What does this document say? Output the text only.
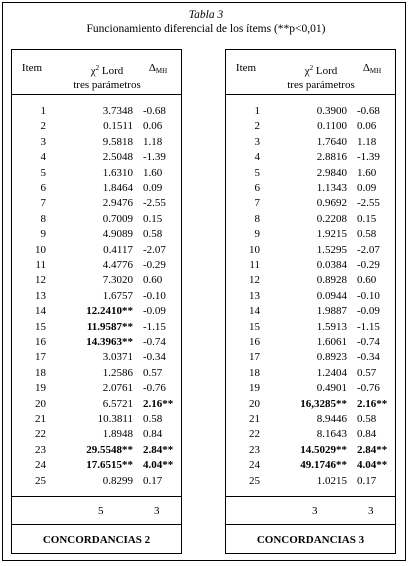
Tabla 3
Funcionamiento diferencial de los ítems (**p<0,01)
Item	$\chi^2$ Lord
tres parámetros
ΔMH
1	3.7348 -0.68
2	0.1511 0.06
3	9.5818 1.18
4	2.5048 -1.39
5	1.6310 1.60
6	1.8464 0.09
7	2.9476 -2.55
8	0.7009 0.15
9	4.9089 0.58
10	0.4117 -2.07
11	4.4776 -0.29
12	7.3020 0.60
13	1.6757 -0.10
14	12.2410** -0.09
15	11.9587** -1.15
16	14.3963** -0.74
17	3.0371 -0.34
18	1.2586 0.57
19	2.0761 -0.76
20	6.5721 2.16**
21	10.3811 0.58
22	1.8948 0.84
23	29.5548** 2.84**
24	17.6515** 4.04**
25	0.8299 0.17
5	3
CONCORDANCIAS 2
Item	$\chi^2$ Lord
tres parámetros
ΔMH
1	0.3900 -0.68
2	0.1100 0.06
3	1.7640 1.18
4	2.8816 -1.39
5	2.9840 1.60
6	1.1343 0.09
7	0.9692 -2.55
8	0.2208 0.15
9	1.9215 0.58
10	1.5295 -2.07
11	0.0384 -0.29
12	0.8928 0.60
13	0.0944 -0.10
14	1.9887 -0.09
15	1.5913 -1.15
16	1.6061 -0.74
17	0.8923 -0.34
18	1.2404 0.57
19	0.4901 -0.76
20	16,3285** 2.16**
21	8.9446 0.58
22	8.1643 0.84
23	14.5029** 2.84**
24	49.1746** 4.04**
25	1.0215 0.17
3	3
CONCORDANCIAS 3
